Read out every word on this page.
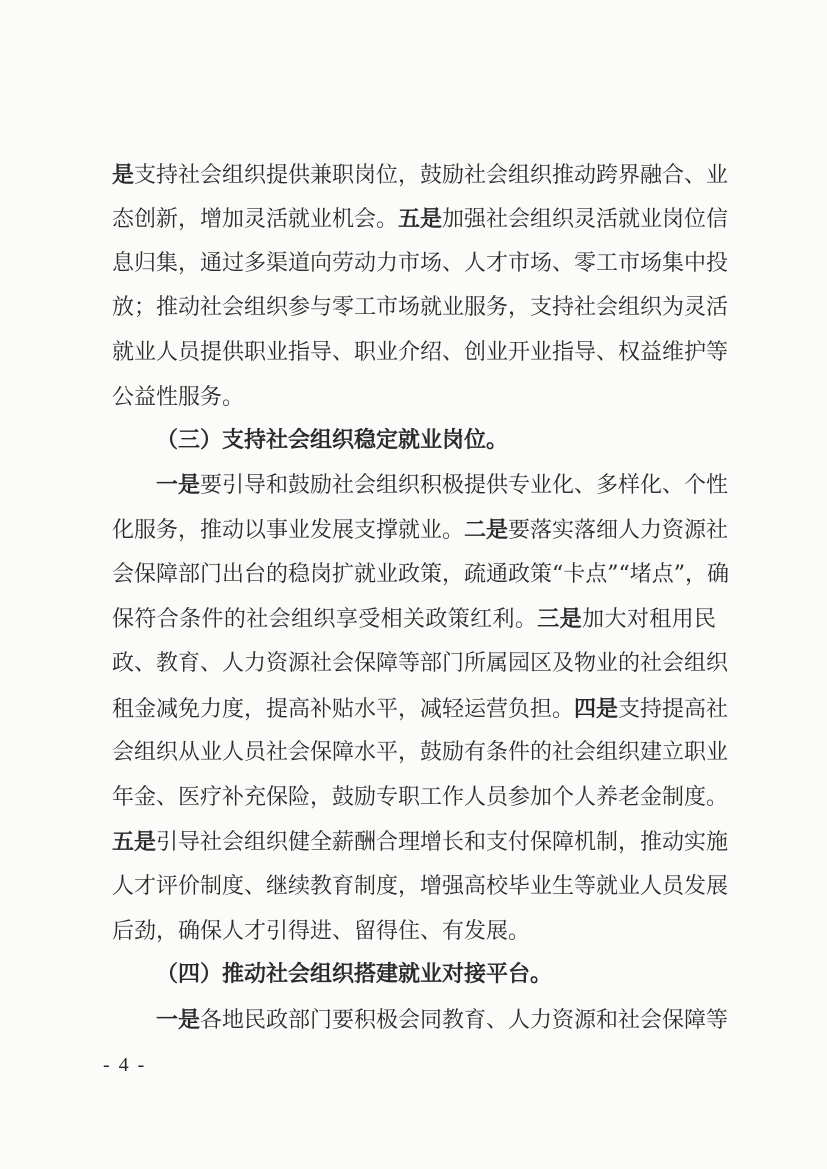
是支持社会组织提供兼职岗位，鼓励社会组织推动跨界融合、业
态创新，增加灵活就业机会。五是加强社会组织灵活就业岗位信
息归集，通过多渠道向劳动力市场、人才市场、零工市场集中投
放；推动社会组织参与零工市场就业服务，支持社会组织为灵活
就业人员提供职业指导、职业介绍、创业开业指导、权益维护等
公益性服务。
（三）支持社会组织稳定就业岗位。
一是要引导和鼓励社会组织积极提供专业化、多样化、个性
化服务，推动以事业发展支撑就业。二是要落实落细人力资源社
会保障部门出台的稳岗扩就业政策，疏通政策“卡点”“堵点”，确
保符合条件的社会组织享受相关政策红利。三是加大对租用民
政、教育、人力资源社会保障等部门所属园区及物业的社会组织
租金减免力度，提高补贴水平，减轻运营负担。四是支持提高社
会组织从业人员社会保障水平，鼓励有条件的社会组织建立职业
年金、医疗补充保险，鼓励专职工作人员参加个人养老金制度。
五是引导社会组织健全薪酬合理增长和支付保障机制，推动实施
人才评价制度、继续教育制度，增强高校毕业生等就业人员发展
后劲，确保人才引得进、留得住、有发展。
（四）推动社会组织搭建就业对接平台。
一是各地民政部门要积极会同教育、人力资源和社会保障等
- 4 -
